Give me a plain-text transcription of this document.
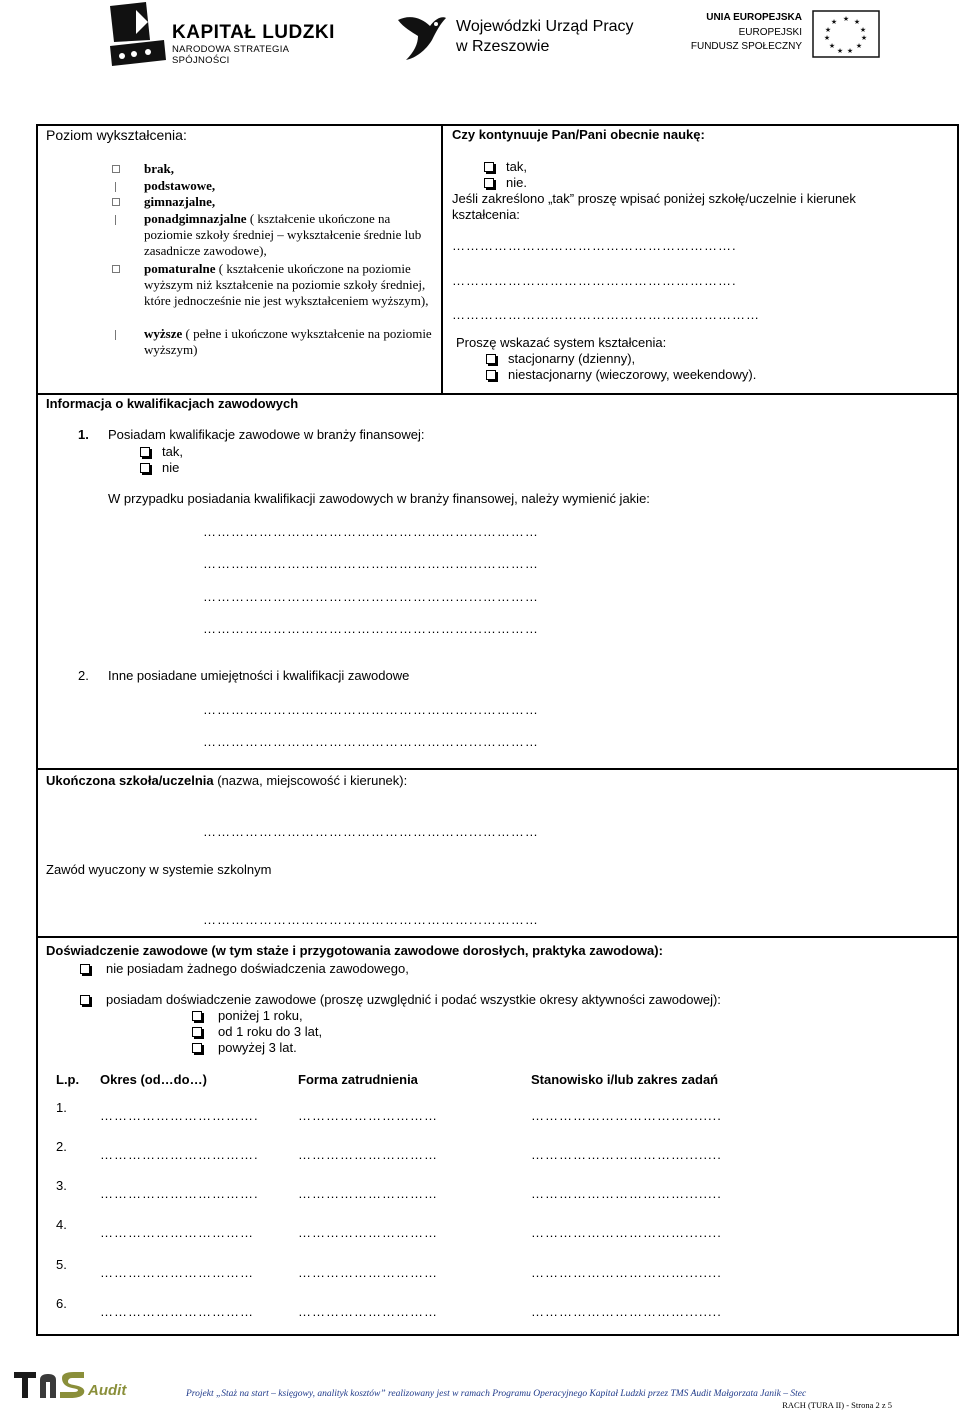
KAPITAŁ LUDZKI
NARODOWA STRATEGIA SPÓJNOŚCI
Wojewódzki Urząd Pracy
w Rzeszowie
UNIA EUROPEJSKA
EUROPEJSKI
FUNDUSZ SPOŁECZNY
★ ★
★
★
★
★
★
★
★
★
★
Poziom wykształcenia:
brak,
podstawowe,
gimnazjalne,
ponadgimnazjalne ( kształcenie ukończone na poziomie szkoły średniej – wykształcenie średnie lub zasadnicze zawodowe),
pomaturalne ( kształcenie ukończone na poziomie wyższym niż kształcenie na poziomie szkoły średniej, które jednocześnie nie jest wykształceniem wyższym),
wyższe ( pełne i ukończone wykształcenie na poziomie wyższym)
Czy kontynuuje Pan/Pani obecnie naukę:
tak,
nie.
Jeśli zakreślono „tak” proszę wpisać poniżej szkołę/uczelnie i kierunek kształcenia:
…………………………………………………….
…………………………………………………….
…………………………………………………………
Proszę wskazać system kształcenia:
stacjonarny (dzienny),
niestacjonarny (wieczorowy, weekendowy).
Informacja o kwalifikacjach zawodowych
1. Posiadam kwalifikacje zawodowe w branży finansowej:
tak,
nie
W przypadku posiadania kwalifikacji zawodowych w branży finansowej, należy wymienić jakie:
…………………………………………………...…………
…………………………………………………...…………
…………………………………………………...…………
…………………………………………………...…………
2. Inne posiadane umiejętności i kwalifikacji zawodowe
…………………………………………………...…………
…………………………………………………...…………
Ukończona szkoła/uczelnia (nazwa, miejscowość i kierunek):
…………………………………………………...…………
Zawód wyuczony w systemie szkolnym
…………………………………………………...…………
Doświadczenie zawodowe (w tym staże i przygotowania zawodowe dorosłych, praktyka zawodowa):
nie posiadam żadnego doświadczenia zawodowego,
posiadam doświadczenie zawodowe (proszę uzwględnić i podać wszystkie okresy aktywności zawodowej):
poniżej 1 roku,
od 1 roku do 3 lat,
powyżej 3 lat.
L.p. Okres (od…do…)	Forma zatrudnienia	Stanowisko i/lub zakres zadań
1.
…………………………….	…………………………	……………………………........
2.
…………………………….	…………………………	……………………………........
3.
…………………………….	…………………………	……………………………........
4.
……………………………	…………………………	……………………………........
5.
……………………………	…………………………	……………………………........
6.
……………………………	…………………………	……………………………........
Audit	Projekt „Staż na start – księgowy, analityk kosztów” realizowany jest w ramach Programu Operacyjnego Kapitał Ludzki przez TMS Audit Małgorzata Janik – Stec
RACH (TURA II) - Strona 2 z 5
